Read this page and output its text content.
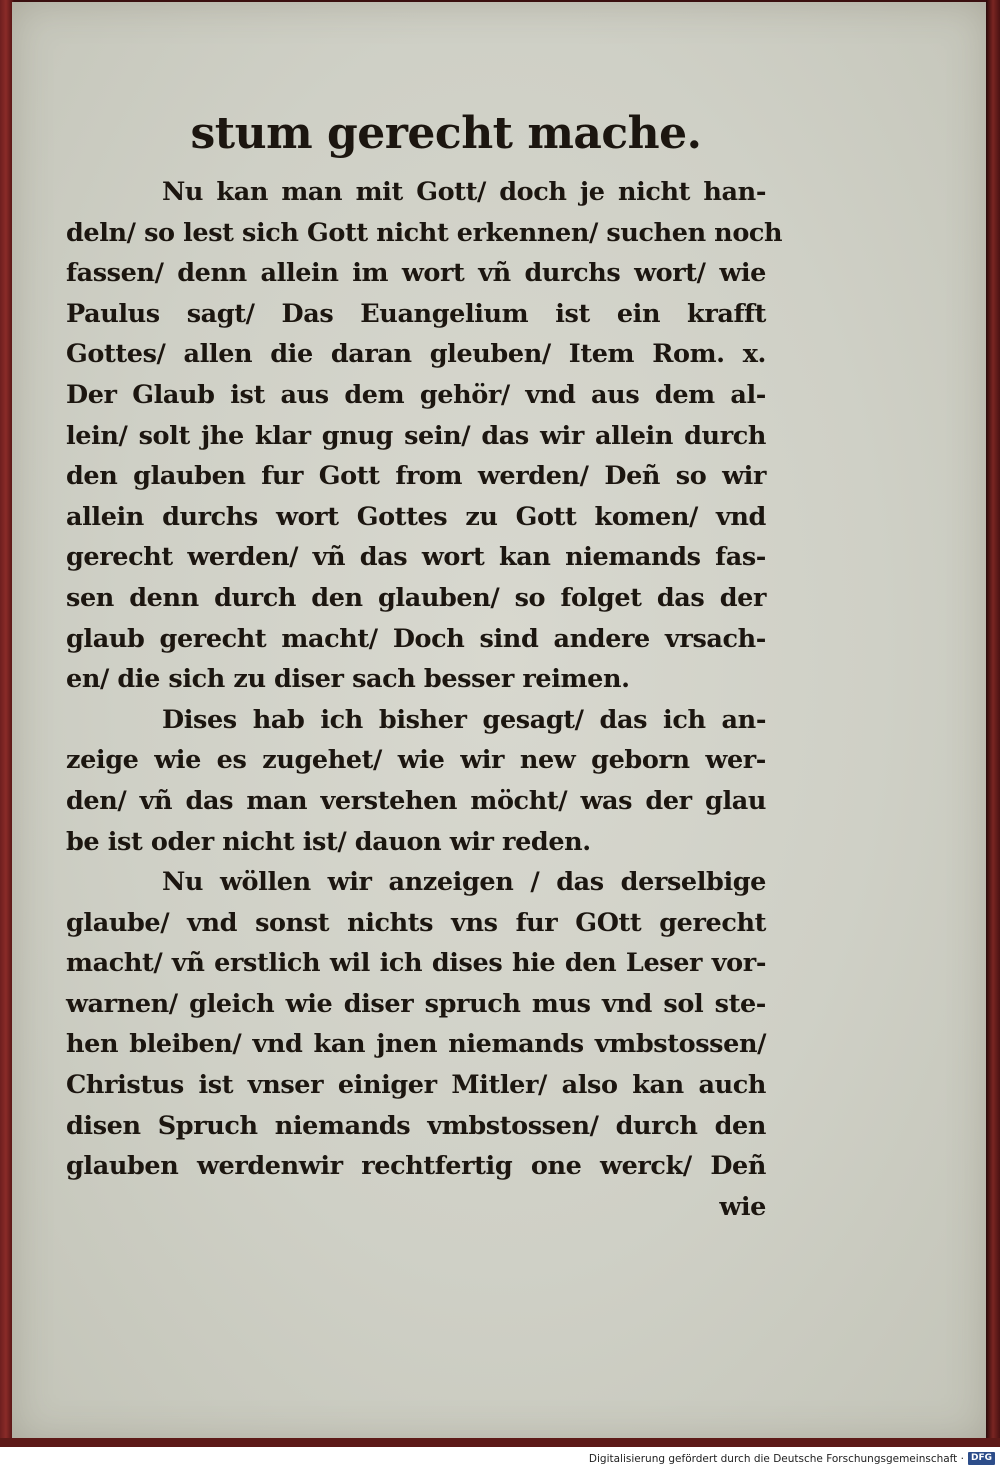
stum gerecht mache.
Nu kan man mit Gott/ doch je nicht han-
deln/ so lest sich Gott nicht erkennen/ suchen noch
fassen/ denn allein im wort vñ durchs wort/ wie
Paulus sagt/ Das Euangelium ist ein krafft
Gottes/ allen die daran gleuben/ Item Rom. x.
Der Glaub ist aus dem gehör/ vnd aus dem al-
lein/ solt jhe klar gnug sein/ das wir allein durch
den glauben fur Gott from werden/ Deñ so wir
allein durchs wort Gottes zu Gott komen/ vnd
gerecht werden/ vñ das wort kan niemands fas-
sen denn durch den glauben/ so folget das der
glaub gerecht macht/ Doch sind andere vrsach-
en/ die sich zu diser sach besser reimen.
Dises hab ich bisher gesagt/ das ich an-
zeige wie es zugehet/ wie wir new geborn wer-
den/ vñ das man verstehen möcht/ was der glau
be ist oder nicht ist/ dauon wir reden.
Nu wöllen wir anzeigen / das derselbige
glaube/ vnd sonst nichts vns fur GOtt gerecht
macht/ vñ erstlich wil ich dises hie den Leser vor-
warnen/ gleich wie diser spruch mus vnd sol ste-
hen bleiben/ vnd kan jnen niemands vmbstossen/
Christus ist vnser einiger Mitler/ also kan auch
disen Spruch niemands vmbstossen/ durch den
glauben werdenwir rechtfertig one werck/ Deñ
wie
Digitalisierung gefördert durch die Deutsche Forschungsgemeinschaft · DFG
